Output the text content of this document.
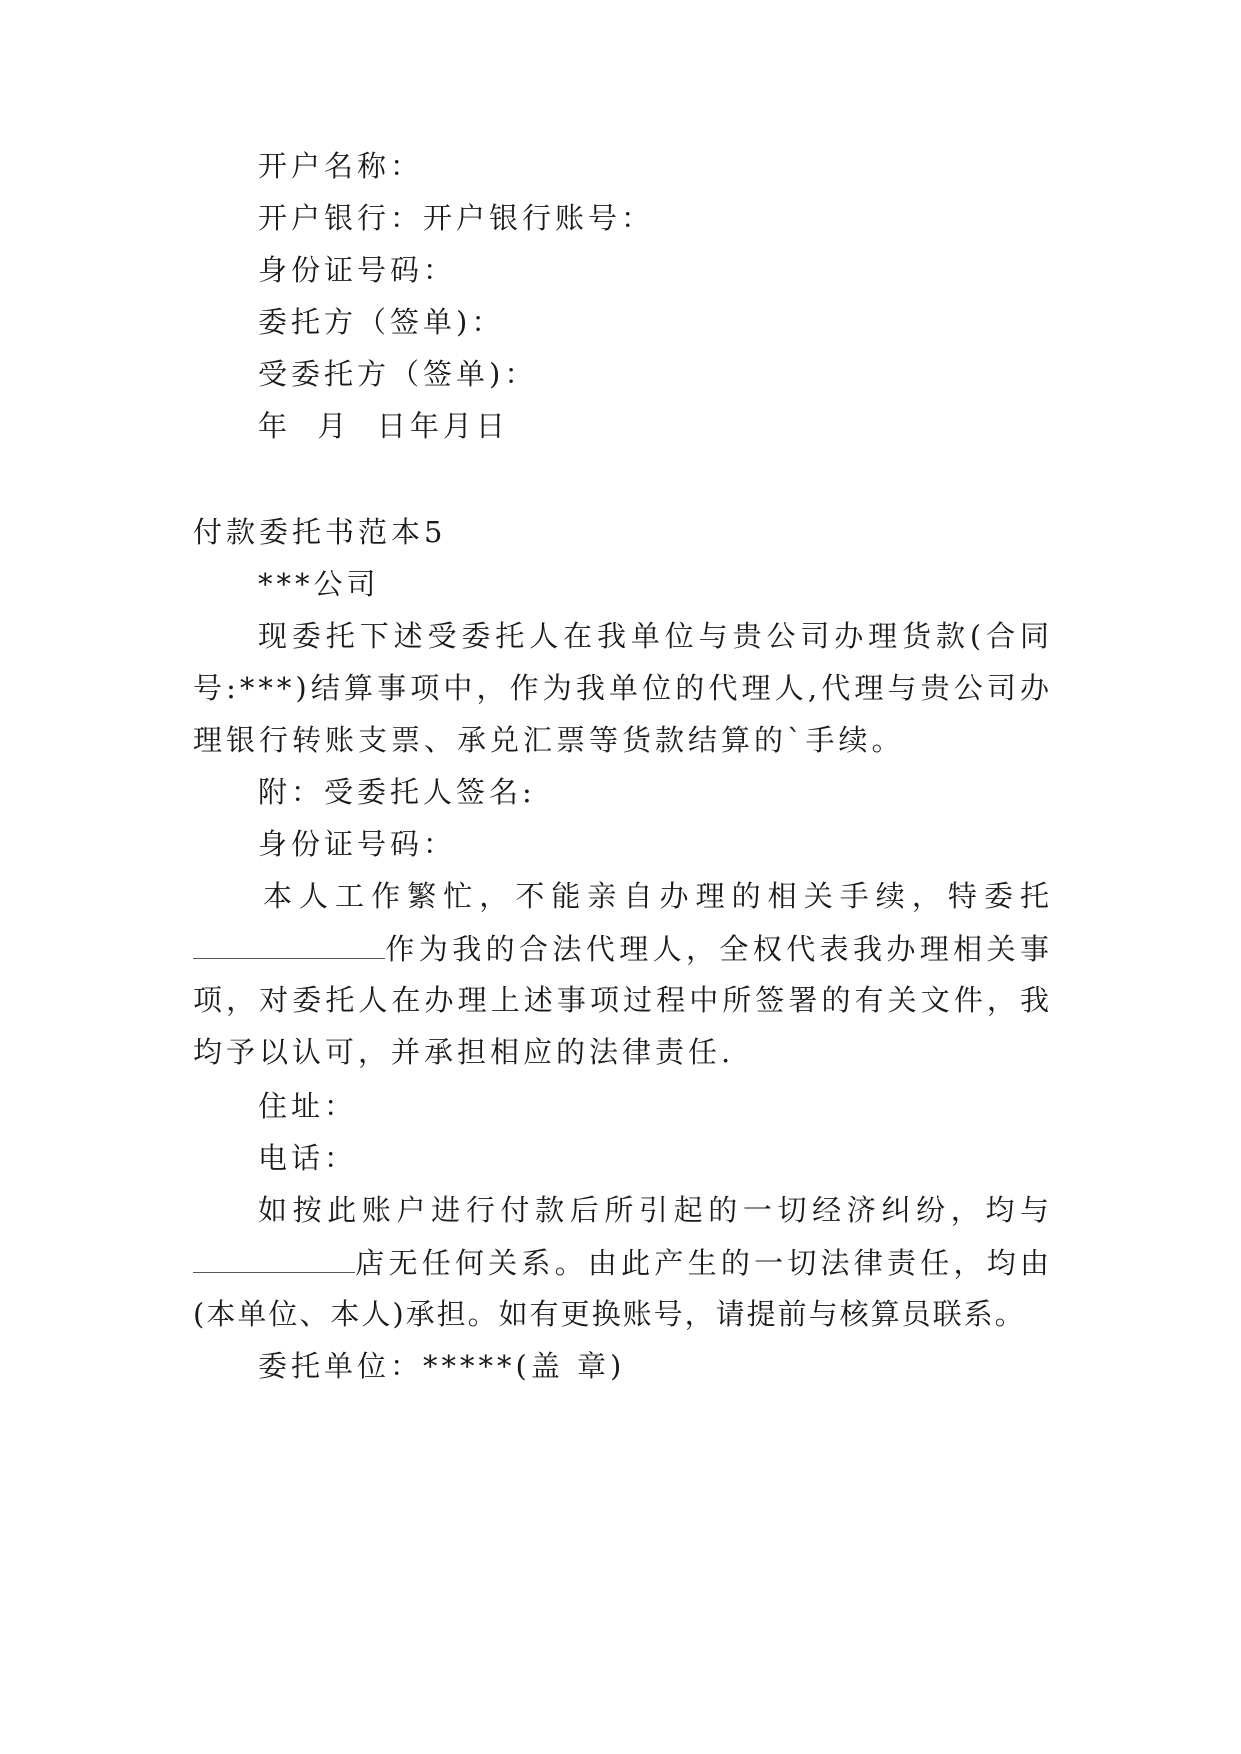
开户名称：
开户银行：开户银行账号：
身份证号码：
委托方（签单)：
受委托方（签单)：
年  月  日年月日
付款委托书范本5
***公司
现委托下述受委托人在我单位与贵公司办理货款(合同
号:***)结算事项中，作为我单位的代理人,代理与贵公司办
理银行转账支票、承兑汇票等货款结算的`手续。
附：受委托人签名:
身份证号码：
本人工作繁忙，不能亲自办理的相关手续，特委托
作为我的合法代理人，全权代表我办理相关事
项，对委托人在办理上述事项过程中所签署的有关文件，我
均予以认可，并承担相应的法律责任.
住址：
电话：
如按此账户进行付款后所引起的一切经济纠纷，均与
店无任何关系。由此产生的一切法律责任，均由
(本单位、本人)承担。如有更换账号，请提前与核算员联系。
委托单位：*****(盖 章)
